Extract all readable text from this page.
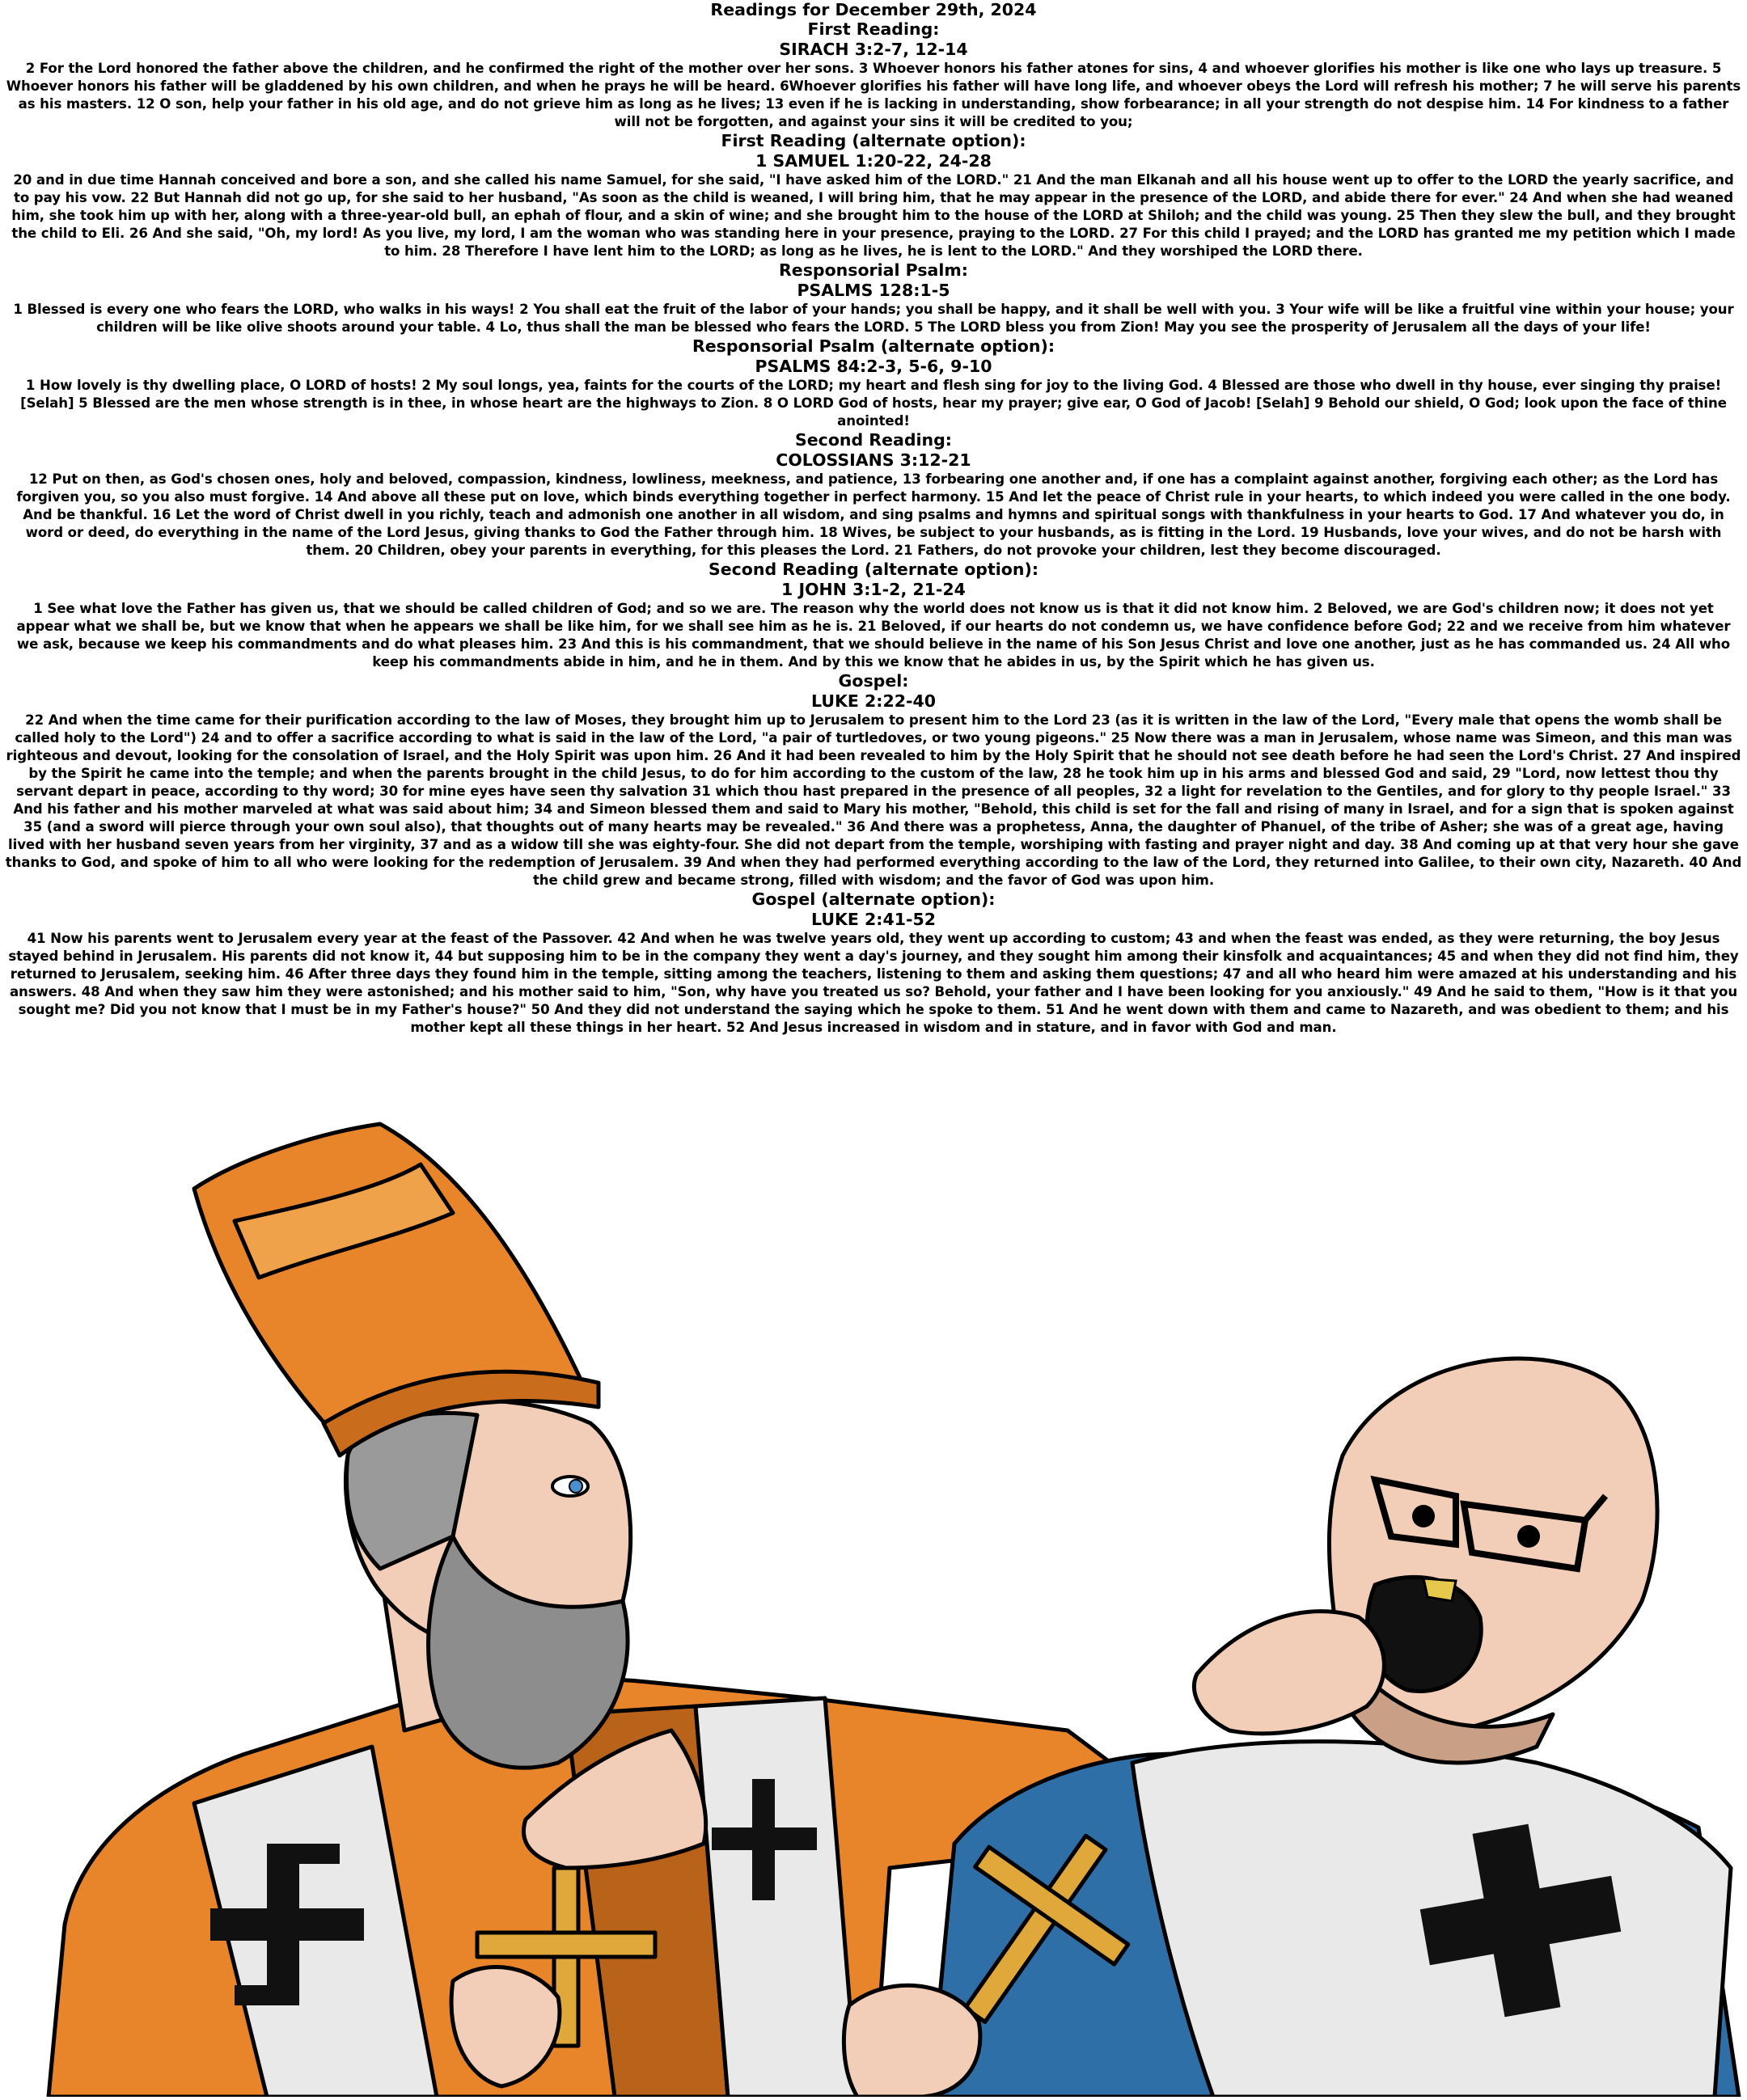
Readings for December 29th, 2024
First Reading:
SIRACH 3:2-7, 12-14
2 For the Lord honored the father above the children, and he confirmed the right of the mother over her sons. 3 Whoever honors his father atones for sins, 4 and whoever glorifies his mother is like one who lays up treasure. 5 Whoever honors his father will be gladdened by his own children, and when he prays he will be heard. 6Whoever glorifies his father will have long life, and whoever obeys the Lord will refresh his mother; 7 he will serve his parents as his masters. 12 O son, help your father in his old age, and do not grieve him as long as he lives; 13 even if he is lacking in understanding, show forbearance; in all your strength do not despise him. 14 For kindness to a father will not be forgotten, and against your sins it will be credited to you;
First Reading (alternate option):
1 SAMUEL 1:20-22, 24-28
20 and in due time Hannah conceived and bore a son, and she called his name Samuel, for she said, "I have asked him of the LORD." 21 And the man Elkanah and all his house went up to offer to the LORD the yearly sacrifice, and to pay his vow. 22 But Hannah did not go up, for she said to her husband, "As soon as the child is weaned, I will bring him, that he may appear in the presence of the LORD, and abide there for ever." 24 And when she had weaned him, she took him up with her, along with a three-year-old bull, an ephah of flour, and a skin of wine; and she brought him to the house of the LORD at Shiloh; and the child was young. 25 Then they slew the bull, and they brought the child to Eli. 26 And she said, "Oh, my lord! As you live, my lord, I am the woman who was standing here in your presence, praying to the LORD. 27 For this child I prayed; and the LORD has granted me my petition which I made to him. 28 Therefore I have lent him to the LORD; as long as he lives, he is lent to the LORD." And they worshiped the LORD there.
Responsorial Psalm:
PSALMS 128:1-5
1 Blessed is every one who fears the LORD, who walks in his ways! 2 You shall eat the fruit of the labor of your hands; you shall be happy, and it shall be well with you. 3 Your wife will be like a fruitful vine within your house; your children will be like olive shoots around your table. 4 Lo, thus shall the man be blessed who fears the LORD. 5 The LORD bless you from Zion! May you see the prosperity of Jerusalem all the days of your life!
Responsorial Psalm (alternate option):
PSALMS 84:2-3, 5-6, 9-10
1 How lovely is thy dwelling place, O LORD of hosts! 2 My soul longs, yea, faints for the courts of the LORD; my heart and flesh sing for joy to the living God. 4 Blessed are those who dwell in thy house, ever singing thy praise! [Selah] 5 Blessed are the men whose strength is in thee, in whose heart are the highways to Zion. 8 O LORD God of hosts, hear my prayer; give ear, O God of Jacob! [Selah] 9 Behold our shield, O God; look upon the face of thine anointed!
Second Reading:
COLOSSIANS 3:12-21
12 Put on then, as God's chosen ones, holy and beloved, compassion, kindness, lowliness, meekness, and patience, 13 forbearing one another and, if one has a complaint against another, forgiving each other; as the Lord has forgiven you, so you also must forgive. 14 And above all these put on love, which binds everything together in perfect harmony. 15 And let the peace of Christ rule in your hearts, to which indeed you were called in the one body. And be thankful. 16 Let the word of Christ dwell in you richly, teach and admonish one another in all wisdom, and sing psalms and hymns and spiritual songs with thankfulness in your hearts to God. 17 And whatever you do, in word or deed, do everything in the name of the Lord Jesus, giving thanks to God the Father through him. 18 Wives, be subject to your husbands, as is fitting in the Lord. 19 Husbands, love your wives, and do not be harsh with them. 20 Children, obey your parents in everything, for this pleases the Lord. 21 Fathers, do not provoke your children, lest they become discouraged.
Second Reading (alternate option):
1 JOHN 3:1-2, 21-24
1 See what love the Father has given us, that we should be called children of God; and so we are. The reason why the world does not know us is that it did not know him. 2 Beloved, we are God's children now; it does not yet appear what we shall be, but we know that when he appears we shall be like him, for we shall see him as he is. 21 Beloved, if our hearts do not condemn us, we have confidence before God; 22 and we receive from him whatever we ask, because we keep his commandments and do what pleases him. 23 And this is his commandment, that we should believe in the name of his Son Jesus Christ and love one another, just as he has commanded us. 24 All who keep his commandments abide in him, and he in them. And by this we know that he abides in us, by the Spirit which he has given us.
Gospel:
LUKE 2:22-40
22 And when the time came for their purification according to the law of Moses, they brought him up to Jerusalem to present him to the Lord 23 (as it is written in the law of the Lord, "Every male that opens the womb shall be called holy to the Lord") 24 and to offer a sacrifice according to what is said in the law of the Lord, "a pair of turtledoves, or two young pigeons." 25 Now there was a man in Jerusalem, whose name was Simeon, and this man was righteous and devout, looking for the consolation of Israel, and the Holy Spirit was upon him. 26 And it had been revealed to him by the Holy Spirit that he should not see death before he had seen the Lord's Christ. 27 And inspired by the Spirit he came into the temple; and when the parents brought in the child Jesus, to do for him according to the custom of the law, 28 he took him up in his arms and blessed God and said, 29 "Lord, now lettest thou thy servant depart in peace, according to thy word; 30 for mine eyes have seen thy salvation 31 which thou hast prepared in the presence of all peoples, 32 a light for revelation to the Gentiles, and for glory to thy people Israel." 33 And his father and his mother marveled at what was said about him; 34 and Simeon blessed them and said to Mary his mother, "Behold, this child is set for the fall and rising of many in Israel, and for a sign that is spoken against 35 (and a sword will pierce through your own soul also), that thoughts out of many hearts may be revealed." 36 And there was a prophetess, Anna, the daughter of Phanuel, of the tribe of Asher; she was of a great age, having lived with her husband seven years from her virginity, 37 and as a widow till she was eighty-four. She did not depart from the temple, worshiping with fasting and prayer night and day. 38 And coming up at that very hour she gave thanks to God, and spoke of him to all who were looking for the redemption of Jerusalem. 39 And when they had performed everything according to the law of the Lord, they returned into Galilee, to their own city, Nazareth. 40 And the child grew and became strong, filled with wisdom; and the favor of God was upon him.
Gospel (alternate option):
LUKE 2:41-52
41 Now his parents went to Jerusalem every year at the feast of the Passover. 42 And when he was twelve years old, they went up according to custom; 43 and when the feast was ended, as they were returning, the boy Jesus stayed behind in Jerusalem. His parents did not know it, 44 but supposing him to be in the company they went a day's journey, and they sought him among their kinsfolk and acquaintances; 45 and when they did not find him, they returned to Jerusalem, seeking him. 46 After three days they found him in the temple, sitting among the teachers, listening to them and asking them questions; 47 and all who heard him were amazed at his understanding and his answers. 48 And when they saw him they were astonished; and his mother said to him, "Son, why have you treated us so? Behold, your father and I have been looking for you anxiously." 49 And he said to them, "How is it that you sought me? Did you not know that I must be in my Father's house?" 50 And they did not understand the saying which he spoke to them. 51 And he went down with them and came to Nazareth, and was obedient to them; and his mother kept all these things in her heart. 52 And Jesus increased in wisdom and in stature, and in favor with God and man.
